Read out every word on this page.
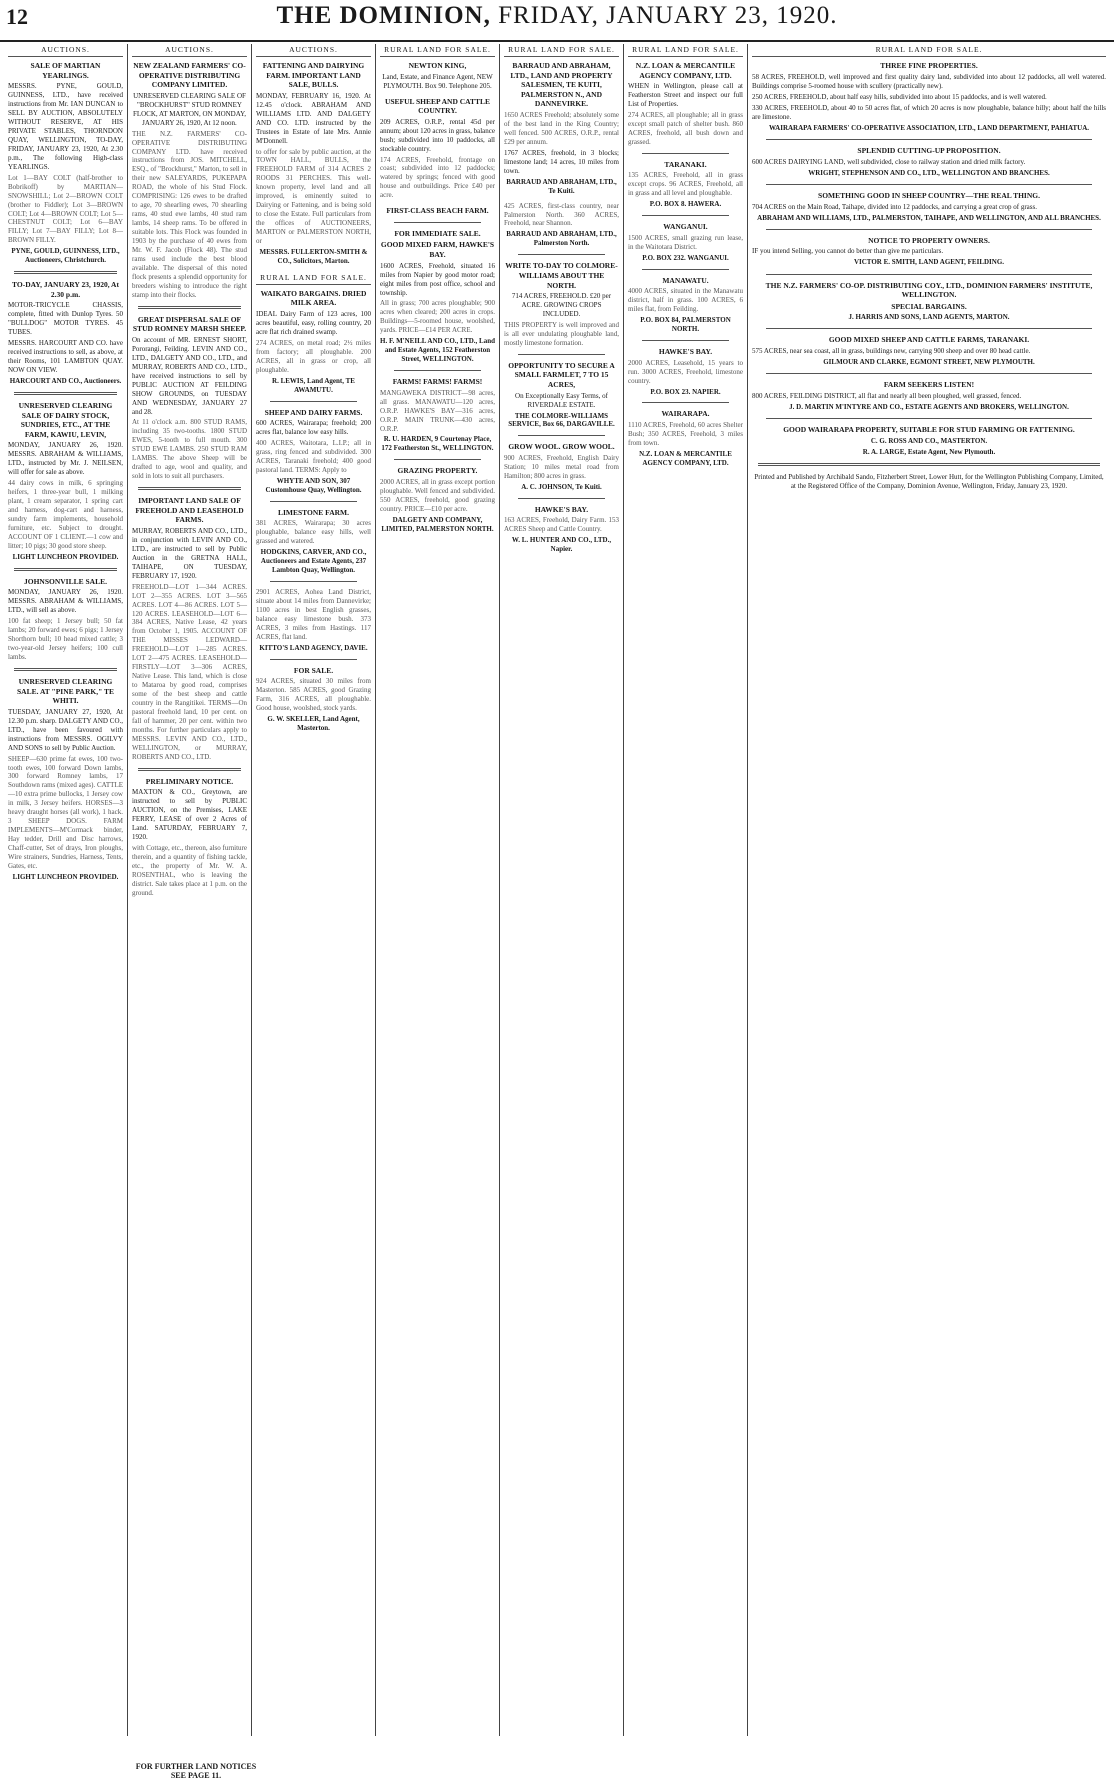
12	THE DOMINION, FRIDAY, JANUARY 23, 1920.
AUCTIONS.
SALE OF MARTIAN YEARLINGS.

MESSRS. PYNE, GOULD, GUINNESS, LTD., have received instructions from Mr. IAN DUNCAN to SELL BY AUCTION, ABSOLUTELY WITHOUT RESERVE, AT HIS PRIVATE STABLES, THORNDON QUAY, WELLINGTON, TO-DAY, FRIDAY, JANUARY 23, 1920, At 2.30 p.m., The following High-class YEARLINGS.

Lot 1—BAY COLT (half-brother to Bobrikoff) by MARTIAN—SNOWSHILL; Lot 2—BROWN COLT (brother to Fiddler); Lot 3—BROWN COLT; Lot 4—BROWN COLT; Lot 5—CHESTNUT COLT; Lot 6—BAY FILLY; Lot 7—BAY FILLY; Lot 8—BROWN FILLY.

PYNE, GOULD, GUINNESS, LTD., Auctioneers, Christchurch.

TO-DAY, JANUARY 23, 1920, At 2.30 p.m.

MOTOR-TRICYCLE CHASSIS, complete, fitted with Dunlop Tyres. 50 "BULLDOG" MOTOR TYRES. 45 TUBES.

MESSRS. HARCOURT AND CO. have received instructions to sell, as above, at their Rooms, 101 LAMBTON QUAY. NOW ON VIEW.

HARCOURT AND CO., Auctioneers.

UNRESERVED CLEARING SALE OF DAIRY STOCK, SUNDRIES, ETC., AT THE FARM, KAWIU, LEVIN,

MONDAY, JANUARY 26, 1920. MESSRS. ABRAHAM & WILLIAMS, LTD., instructed by Mr. J. NEILSEN, will offer for sale as above.

44 dairy cows in milk, 6 springing heifers, 1 three-year bull, 1 milking plant, 1 cream separator, 1 spring cart and harness, dog-cart and harness, sundry farm implements, household furniture, etc. Subject to drought. ACCOUNT OF 1 CLIENT.—1 cow and litter; 10 pigs; 30 good store sheep.

LIGHT LUNCHEON PROVIDED.

JOHNSONVILLE SALE.

MONDAY, JANUARY 26, 1920. MESSRS. ABRAHAM & WILLIAMS, LTD., will sell as above.

100 fat sheep; 1 Jersey bull; 50 fat lambs; 20 forward ewes; 6 pigs; 1 Jersey Shorthorn bull; 10 head mixed cattle; 3 two-year-old Jersey heifers; 100 cull lambs.

UNRESERVED CLEARING SALE. AT "PINE PARK," TE WHITI.

TUESDAY, JANUARY 27, 1920, At 12.30 p.m. sharp. DALGETY AND CO., LTD., have been favoured with instructions from MESSRS. OGILVY AND SONS to sell by Public Auction.

SHEEP—630 prime fat ewes, 100 two-tooth ewes, 100 forward Down lambs, 300 forward Romney lambs, 17 Southdown rams (mixed ages). CATTLE—10 extra prime bullocks, 1 Jersey cow in milk, 3 Jersey heifers. HORSES—3 heavy draught horses (all work), 1 hack. 3 SHEEP DOGS. FARM IMPLEMENTS—M'Cormack binder, Hay tedder, Drill and Disc harrows, Chaff-cutter, Set of drays, Iron ploughs, Wire strainers, Sundries, Harness, Tents, Gates, etc.

LIGHT LUNCHEON PROVIDED.

AUCTIONS.
NEW ZEALAND FARMERS' CO-OPERATIVE DISTRIBUTING COMPANY LIMITED.

UNRESERVED CLEARING SALE OF "BROCKHURST" STUD ROMNEY FLOCK, AT MARTON, ON MONDAY, JANUARY 26, 1920, At 12 noon.

THE N.Z. FARMERS' CO-OPERATIVE DISTRIBUTING COMPANY LTD. have received instructions from JOS. MITCHELL, ESQ., of "Brockhurst," Marton, to sell in their new SALEYARDS, PUKEPAPA ROAD, the whole of his Stud Flock. COMPRISING: 126 ewes to be drafted to age, 70 shearling ewes, 70 shearling rams, 40 stud ewe lambs, 40 stud ram lambs, 14 sheep rams. To be offered in suitable lots. This Flock was founded in 1903 by the purchase of 40 ewes from Mr. W. F. Jacob (Flock 48). The stud rams used include the best blood available. The dispersal of this noted flock presents a splendid opportunity for breeders wishing to introduce the right stamp into their flocks.

GREAT DISPERSAL SALE OF STUD ROMNEY MARSH SHEEP.

On account of MR. ERNEST SHORT, Pororangi, Feilding. LEVIN AND CO., LTD., DALGETY AND CO., LTD., and MURRAY, ROBERTS AND CO., LTD., have received instructions to sell by PUBLIC AUCTION AT FEILDING SHOW GROUNDS, on TUESDAY AND WEDNESDAY, JANUARY 27 and 28.

At 11 o'clock a.m. 800 STUD RAMS, including 35 two-tooths. 1800 STUD EWES, 5-tooth to full mouth. 300 STUD EWE LAMBS. 250 STUD RAM LAMBS. The above Sheep will be drafted to age, wool and quality, and sold in lots to suit all purchasers.

IMPORTANT LAND SALE OF FREEHOLD AND LEASEHOLD FARMS.

MURRAY, ROBERTS AND CO., LTD., in conjunction with LEVIN AND CO., LTD., are instructed to sell by Public Auction in the GRETNA HALL, TAIHAPE, ON TUESDAY, FEBRUARY 17, 1920.

FREEHOLD—LOT 1—344 ACRES. LOT 2—355 ACRES. LOT 3—565 ACRES. LOT 4—86 ACRES. LOT 5—120 ACRES. LEASEHOLD—LOT 6—384 ACRES, Native Lease, 42 years from October 1, 1905. ACCOUNT OF THE MISSES LEDWARD—FREEHOLD—LOT 1—285 ACRES. LOT 2—475 ACRES. LEASEHOLD—FIRSTLY—LOT 3—306 ACRES, Native Lease. This land, which is close to Mataroa by good road, comprises some of the best sheep and cattle country in the Rangitikei. TERMS—On pastoral freehold land, 10 per cent. on fall of hammer, 20 per cent. within two months. For further particulars apply to MESSRS. LEVIN AND CO., LTD., WELLINGTON, or MURRAY, ROBERTS AND CO., LTD.

PRELIMINARY NOTICE.

MAXTON & CO., Greytown, are instructed to sell by PUBLIC AUCTION, on the Premises, LAKE FERRY, LEASE of over 2 Acres of Land. SATURDAY, FEBRUARY 7, 1920.

with Cottage, etc., thereon, also furniture therein, and a quantity of fishing tackle, etc., the property of Mr. W. A. ROSENTHAL, who is leaving the district. Sale takes place at 1 p.m. on the ground.

FOR FURTHER LAND NOTICES SEE PAGE 11.
AUCTIONS.
FATTENING AND DAIRYING FARM. IMPORTANT LAND SALE, BULLS.

MONDAY, FEBRUARY 16, 1920. At 12.45 o'clock. ABRAHAM AND WILLIAMS LTD. AND DALGETY AND CO. LTD. instructed by the Trustees in Estate of late Mrs. Annie M'Donnell.

to offer for sale by public auction, at the TOWN HALL, BULLS, the FREEHOLD FARM of 314 ACRES 2 ROODS 31 PERCHES. This well-known property, level land and all improved, is eminently suited to Dairying or Fattening, and is being sold to close the Estate. Full particulars from the offices of AUCTIONEERS, MARTON or PALMERSTON NORTH, or

MESSRS. FULLERTON-SMITH & CO., Solicitors, Marton.

RURAL LAND FOR SALE.
WAIKATO BARGAINS. DRIED MILK AREA.

IDEAL Dairy Farm of 123 acres, 100 acres beautiful, easy, rolling country, 20 acre flat rich drained swamp.

274 ACRES, on metal road; 2½ miles from factory; all ploughable. 200 ACRES, all in grass or crop, all ploughable.

R. LEWIS, Land Agent, TE AWAMUTU.

SHEEP AND DAIRY FARMS.

600 ACRES, Wairarapa; freehold; 200 acres flat, balance low easy hills.

400 ACRES, Waitotara, L.I.P.; all in grass, ring fenced and subdivided. 300 ACRES, Taranaki freehold; 400 good pastoral land. TERMS: Apply to

WHYTE AND SON, 307 Customhouse Quay, Wellington.

LIMESTONE FARM.

381 ACRES, Wairarapa; 30 acres ploughable, balance easy hills, well grassed and watered.

HODGKINS, CARVER, AND CO., Auctioneers and Estate Agents, 237 Lambton Quay, Wellington.

2901 ACRES, Aohea Land District, situate about 14 miles from Dannevirke; 1100 acres in best English grasses, balance easy limestone bush. 373 ACRES, 3 miles from Hastings. 117 ACRES, flat land.

KITTO'S LAND AGENCY, DAVIE.

FOR SALE.

924 ACRES, situated 30 miles from Masterton. 585 ACRES, good Grazing Farm, 316 ACRES, all ploughable. Good house, woolshed, stock yards.

G. W. SKELLER, Land Agent, Masterton.

RURAL LAND FOR SALE.
NEWTON KING,

Land, Estate, and Finance Agent, NEW PLYMOUTH. Box 90. Telephone 205.

USEFUL SHEEP AND CATTLE COUNTRY.

209 ACRES, O.R.P., rental 45d per annum; about 120 acres in grass, balance bush; subdivided into 10 paddocks, all stockable country.

174 ACRES, Freehold, frontage on coast; subdivided into 12 paddocks; watered by springs; fenced with good house and outbuildings. Price £40 per acre.

FIRST-CLASS BEACH FARM.
FOR IMMEDIATE SALE.
GOOD MIXED FARM, HAWKE'S BAY.

1600 ACRES, Freehold, situated 16 miles from Napier by good motor road; eight miles from post office, school and township.

All in grass; 700 acres ploughable; 900 acres when cleared; 200 acres in crops. Buildings—5-roomed house, woolshed, yards. PRICE—£14 PER ACRE.

H. F. M'NEILL AND CO., LTD., Land and Estate Agents, 152 Featherston Street, WELLINGTON.

FARMS! FARMS! FARMS!

MANGAWEKA DISTRICT—98 acres, all grass. MANAWATU—120 acres, O.R.P. HAWKE'S BAY—316 acres, O.R.P. MAIN TRUNK—430 acres, O.R.P.

R. U. HARDEN, 9 Courtenay Place, 172 Featherston St., WELLINGTON.

GRAZING PROPERTY.

2000 ACRES, all in grass except portion ploughable. Well fenced and subdivided. 550 ACRES, freehold, good grazing country. PRICE—£10 per acre.

DALGETY AND COMPANY, LIMITED, PALMERSTON NORTH.

RURAL LAND FOR SALE.
BARRAUD AND ABRAHAM, LTD., LAND AND PROPERTY SALESMEN, TE KUITI, PALMERSTON N., AND DANNEVIRKE.

1650 ACRES Freehold; absolutely some of the best land in the King Country; well fenced. 500 ACRES, O.R.P., rental £29 per annum.

1767 ACRES, freehold, in 3 blocks; limestone land; 14 acres, 10 miles from town.

BARRAUD AND ABRAHAM, LTD., Te Kuiti.

425 ACRES, first-class country, near Palmerston North. 360 ACRES, Freehold, near Shannon.

BARRAUD AND ABRAHAM, LTD., Palmerston North.

WRITE TO-DAY TO COLMORE-WILLIAMS ABOUT THE NORTH.

714 ACRES, FREEHOLD. £20 per ACRE. GROWING CROPS INCLUDED.

THIS PROPERTY is well improved and is all ever undulating ploughable land, mostly limestone formation.

OPPORTUNITY TO SECURE A SMALL FARMLET, 7 TO 15 ACRES,

On Exceptionally Easy Terms, of RIVERDALE ESTATE.

THE COLMORE-WILLIAMS SERVICE, Box 66, DARGAVILLE.

GROW WOOL. GROW WOOL.

900 ACRES, Freehold, English Dairy Station; 10 miles metal road from Hamilton; 800 acres in grass.

A. C. JOHNSON, Te Kuiti.

HAWKE'S BAY.

163 ACRES, Freehold, Dairy Farm. 153 ACRES Sheep and Cattle Country.

W. L. HUNTER AND CO., LTD., Napier.

RURAL LAND FOR SALE.
N.Z. LOAN & MERCANTILE AGENCY COMPANY, LTD.

WHEN in Wellington, please call at Featherston Street and inspect our full List of Properties.

274 ACRES, all ploughable; all in grass except small patch of shelter bush. 860 ACRES, freehold, all bush down and grassed.

TARANAKI.

135 ACRES, Freehold, all in grass except crops. 96 ACRES, Freehold, all in grass and all level and ploughable.

P.O. BOX 8. HAWERA.

WANGANUI.

1500 ACRES, small grazing run lease, in the Waitotara District.

P.O. BOX 232. WANGANUI.

MANAWATU.

4000 ACRES, situated in the Manawatu district, half in grass. 100 ACRES, 6 miles flat, from Feilding.

P.O. BOX 84, PALMERSTON NORTH.

HAWKE'S BAY.

2000 ACRES, Leasehold, 15 years to run. 3000 ACRES, Freehold, limestone country.

P.O. BOX 23. NAPIER.

WAIRARAPA.

1110 ACRES, Freehold, 60 acres Shelter Bush; 350 ACRES, Freehold, 3 miles from town.

N.Z. LOAN & MERCANTILE AGENCY COMPANY, LTD.

RURAL LAND FOR SALE.
THREE FINE PROPERTIES.

58 ACRES, FREEHOLD, well improved and first quality dairy land, subdivided into about 12 paddocks, all well watered. Buildings comprise 5-roomed house with scullery (practically new).

250 ACRES, FREEHOLD, about half easy hills, subdivided into about 15 paddocks, and is well watered.

330 ACRES, FREEHOLD, about 40 to 50 acres flat, of which 20 acres is now ploughable, balance hilly; about half the hills are limestone.

WAIRARAPA FARMERS' CO-OPERATIVE ASSOCIATION, LTD., LAND DEPARTMENT, PAHIATUA.

SPLENDID CUTTING-UP PROPOSITION.

600 ACRES DAIRYING LAND, well subdivided, close to railway station and dried milk factory.

WRIGHT, STEPHENSON AND CO., LTD., WELLINGTON AND BRANCHES.

SOMETHING GOOD IN SHEEP COUNTRY—THE REAL THING.

704 ACRES on the Main Road, Taihape, divided into 12 paddocks, and carrying a great crop of grass.

ABRAHAM AND WILLIAMS, LTD., PALMERSTON, TAIHAPE, AND WELLINGTON, AND ALL BRANCHES.

NOTICE TO PROPERTY OWNERS.

IF you intend Selling, you cannot do better than give me particulars.

VICTOR E. SMITH, LAND AGENT, FEILDING.

THE N.Z. FARMERS' CO-OP. DISTRIBUTING COY., LTD., DOMINION FARMERS' INSTITUTE, WELLINGTON.
SPECIAL BARGAINS.

J. HARRIS AND SONS, LAND AGENTS, MARTON.

GOOD MIXED SHEEP AND CATTLE FARMS, TARANAKI.

575 ACRES, near sea coast, all in grass, buildings new, carrying 900 sheep and over 80 head cattle.

GILMOUR AND CLARKE, EGMONT STREET, NEW PLYMOUTH.

FARM SEEKERS LISTEN!

800 ACRES, FEILDING DISTRICT, all flat and nearly all been ploughed, well grassed, fenced.

J. D. MARTIN M'INTYRE AND CO., ESTATE AGENTS AND BROKERS, WELLINGTON.

GOOD WAIRARAPA PROPERTY, SUITABLE FOR STUD FARMING OR FATTENING.

C. G. ROSS AND CO., MASTERTON.

R. A. LARGE, Estate Agent, New Plymouth.

Printed and Published by Archibald Sando, Fitzherbert Street, Lower Hutt, for the Wellington Publishing Company, Limited, at the Registered Office of the Company, Dominion Avenue, Wellington, Friday, January 23, 1920.
